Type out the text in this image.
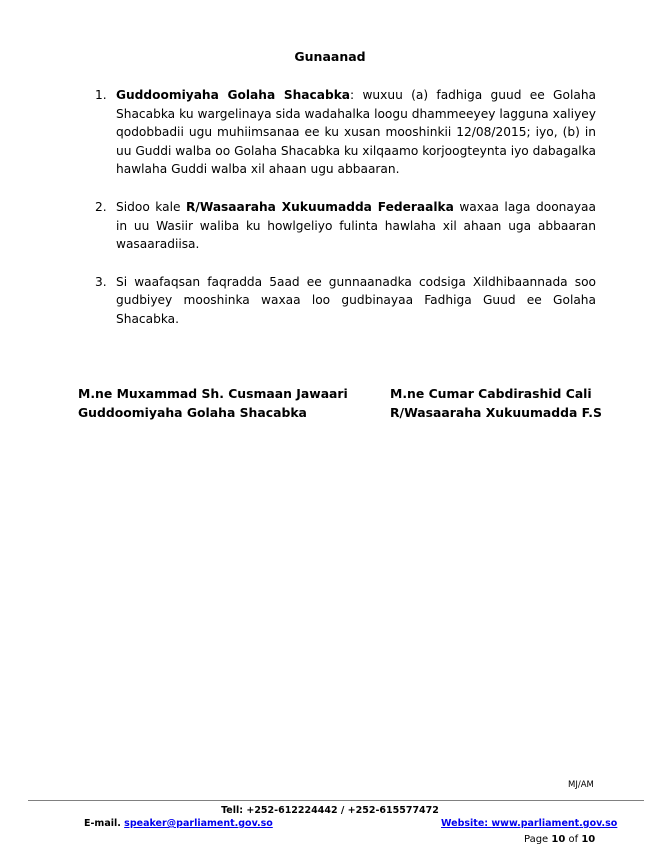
Gunaanad
1. Guddoomiyaha Golaha Shacabka: wuxuu (a) fadhiga guud ee Golaha Shacabka ku wargelinaya sida wadahalka loogu dhammeeyey lagguna xaliyey qodobbadii ugu muhiimsanaa ee ku xusan mooshinkii 12/08/2015; iyo, (b) in uu Guddi walba oo Golaha Shacabka ku xilqaamo korjoogteynta iyo dabagalka hawlaha Guddi walba xil ahaan ugu abbaaran.
2. Sidoo kale R/Wasaaraha Xukuumadda Federaalka waxaa laga doonayaa in uu Wasiir waliba ku howlgeliyo fulinta hawlaha xil ahaan uga abbaaran wasaaradiisa.
3. Si waafaqsan faqradda 5aad ee gunnaanadka codsiga Xildhibaannada soo gudbiyey mooshinka waxaa loo gudbinayaa Fadhiga Guud ee Golaha Shacabka.
M.ne Muxammad Sh. Cusmaan Jawaari
Guddoomiyaha Golaha Shacabka
M.ne Cumar Cabdirashid Cali
R/Wasaaraha Xukuumadda F.S
MJ/AM
Tell: +252-612224442 / +252-615577472
E-mail. speaker@parliament.gov.so	Website: www.parliament.gov.so
Page 10 of 10
